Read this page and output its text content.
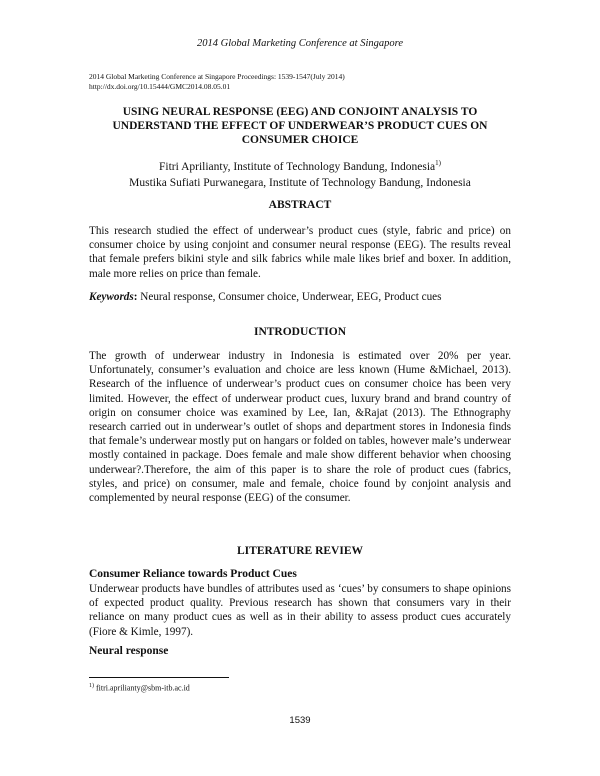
2014 Global Marketing Conference at Singapore
2014 Global Marketing Conference at Singapore Proceedings: 1539-1547(July 2014)
http://dx.doi.org/10.15444/GMC2014.08.05.01
USING NEURAL RESPONSE (EEG) AND CONJOINT ANALYSIS TO UNDERSTAND THE EFFECT OF UNDERWEAR’S PRODUCT CUES ON CONSUMER CHOICE
Fitri Aprilianty, Institute of Technology Bandung, Indonesia$^{1)}$
Mustika Sufiati Purwanegara, Institute of Technology Bandung, Indonesia
ABSTRACT
This research studied the effect of underwear’s product cues (style, fabric and price) on consumer choice by using conjoint and consumer neural response (EEG). The results reveal that female prefers bikini style and silk fabrics while male likes brief and boxer. In addition, male more relies on price than female.
Keywords: Neural response, Consumer choice, Underwear, EEG, Product cues
INTRODUCTION
The growth of underwear industry in Indonesia is estimated over 20% per year. Unfortunately, consumer’s evaluation and choice are less known (Hume &Michael, 2013). Research of the influence of underwear’s product cues on consumer choice has been very limited. However, the effect of underwear product cues, luxury brand and brand country of origin on consumer choice was examined by Lee, Ian, &Rajat (2013). The Ethnography research carried out in underwear’s outlet of shops and department stores in Indonesia finds that female’s underwear mostly put on hangars or folded on tables, however male’s underwear mostly contained in package. Does female and male show different behavior when choosing underwear?.Therefore, the aim of this paper is to share the role of product cues (fabrics, styles, and price) on consumer, male and female, choice found by conjoint analysis and complemented by neural response (EEG) of the consumer.
LITERATURE REVIEW
Consumer Reliance towards Product Cues
Underwear products have bundles of attributes used as ‘cues’ by consumers to shape opinions of expected product quality. Previous research has shown that consumers vary in their reliance on many product cues as well as in their ability to assess product cues accurately (Fiore & Kimle, 1997).
Neural response
$^{1)}$ fitri.aprilianty@sbm-itb.ac.id
1539
